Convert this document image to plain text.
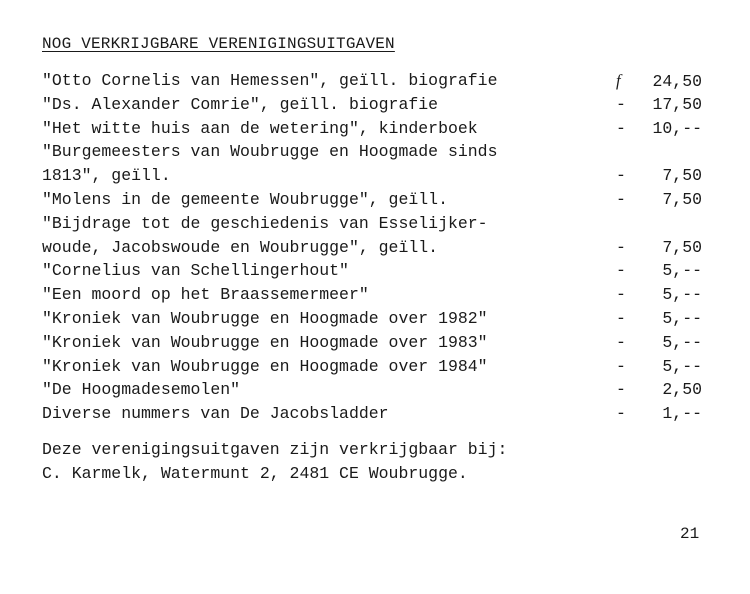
NOG VERKRIJGBARE VERENIGINGSUITGAVEN
"Otto Cornelis van Hemessen", geïll. biografie	f 24,50
"Ds. Alexander Comrie", geïll. biografie	- 17,50
"Het witte huis aan de wetering", kinderboek	- 10,--
"Burgemeesters van Woubrugge en Hoogmade sinds
1813", geïll.	- 7,50
"Molens in de gemeente Woubrugge", geïll.	- 7,50
"Bijdrage tot de geschiedenis van Esselijker-
woude, Jacobswoude en Woubrugge", geïll.	- 7,50
"Cornelius van Schellingerhout"	- 5,--
"Een moord op het Braassemermeer"	- 5,--
"Kroniek van Woubrugge en Hoogmade over 1982"	- 5,--
"Kroniek van Woubrugge en Hoogmade over 1983"	- 5,--
"Kroniek van Woubrugge en Hoogmade over 1984"	- 5,--
"De Hoogmadesemolen"	- 2,50
Diverse nummers van De Jacobsladder	- 1,--
Deze verenigingsuitgaven zijn verkrijgbaar bij:
C. Karmelk, Watermunt 2, 2481 CE Woubrugge.
21
